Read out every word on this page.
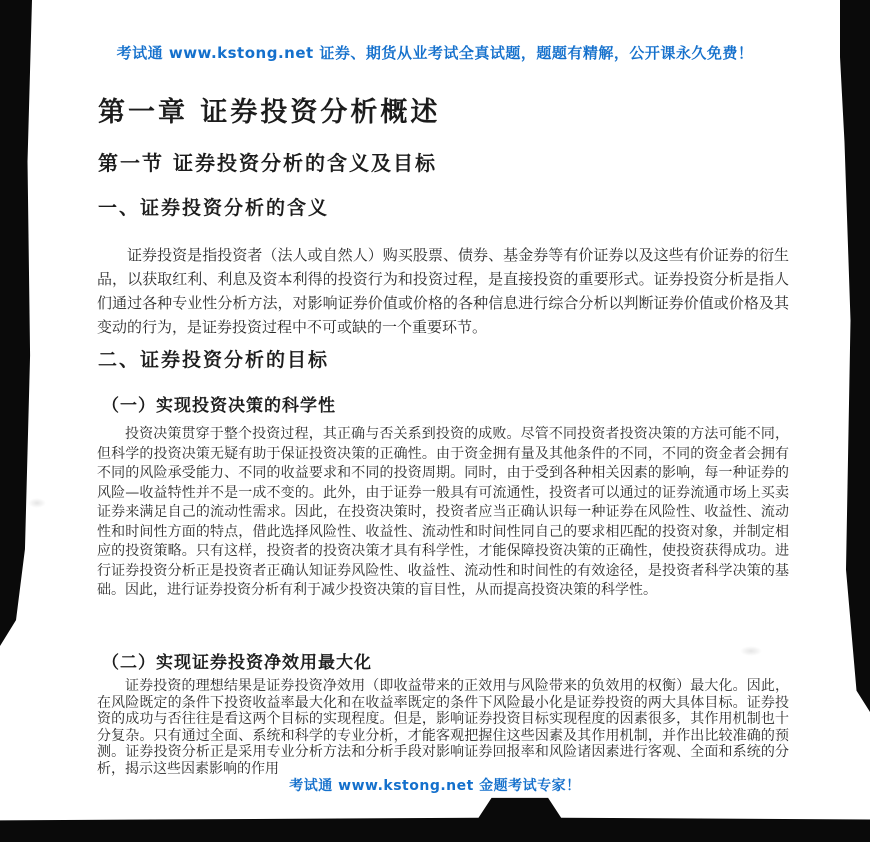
考试通 www.kstong.net 证券、期货从业考试全真试题，题题有精解，公开课永久免费！
第一章 证券投资分析概述
第一节 证券投资分析的含义及目标
一、证券投资分析的含义

证券投资是指投资者（法人或自然人）购买股票、债券、基金券等有价证券以及这些有价证券的衍生品，以获取红利、利息及资本利得的投资行为和投资过程，是直接投资的重要形式。证券投资分析是指人们通过各种专业性分析方法，对影响证券价值或价格的各种信息进行综合分析以判断证券价值或价格及其变动的行为，是证券投资过程中不可或缺的一个重要环节。

二、证券投资分析的目标
（一）实现投资决策的科学性

投资决策贯穿于整个投资过程，其正确与否关系到投资的成败。尽管不同投资者投资决策的方法可能不同，但科学的投资决策无疑有助于保证投资决策的正确性。由于资金拥有量及其他条件的不同，不同的资金者会拥有不同的风险承受能力、不同的收益要求和不同的投资周期。同时，由于受到各种相关因素的影响，每一种证券的风险—收益特性并不是一成不变的。此外，由于证券一般具有可流通性，投资者可以通过的证券流通市场上买卖证券来满足自己的流动性需求。因此，在投资决策时，投资者应当正确认识每一种证券在风险性、收益性、流动性和时间性方面的特点，借此选择风险性、收益性、流动性和时间性同自己的要求相匹配的投资对象，并制定相应的投资策略。只有这样，投资者的投资决策才具有科学性，才能保障投资决策的正确性，使投资获得成功。进行证券投资分析正是投资者正确认知证券风险性、收益性、流动性和时间性的有效途径，是投资者科学决策的基础。因此，进行证券投资分析有利于减少投资决策的盲目性，从而提高投资决策的科学性。

（二）实现证券投资净效用最大化

证券投资的理想结果是证券投资净效用（即收益带来的正效用与风险带来的负效用的权衡）最大化。因此，在风险既定的条件下投资收益率最大化和在收益率既定的条件下风险最小化是证券投资的两大具体目标。证券投资的成功与否往往是看这两个目标的实现程度。但是，影响证券投资目标实现程度的因素很多，其作用机制也十分复杂。只有通过全面、系统和科学的专业分析，才能客观把握住这些因素及其作用机制，并作出比较准确的预测。证券投资分析正是采用专业分析方法和分析手段对影响证券回报率和风险诸因素进行客观、全面和系统的分析，揭示这些因素影响的作用

考试通 www.kstong.net 金题考试专家！
